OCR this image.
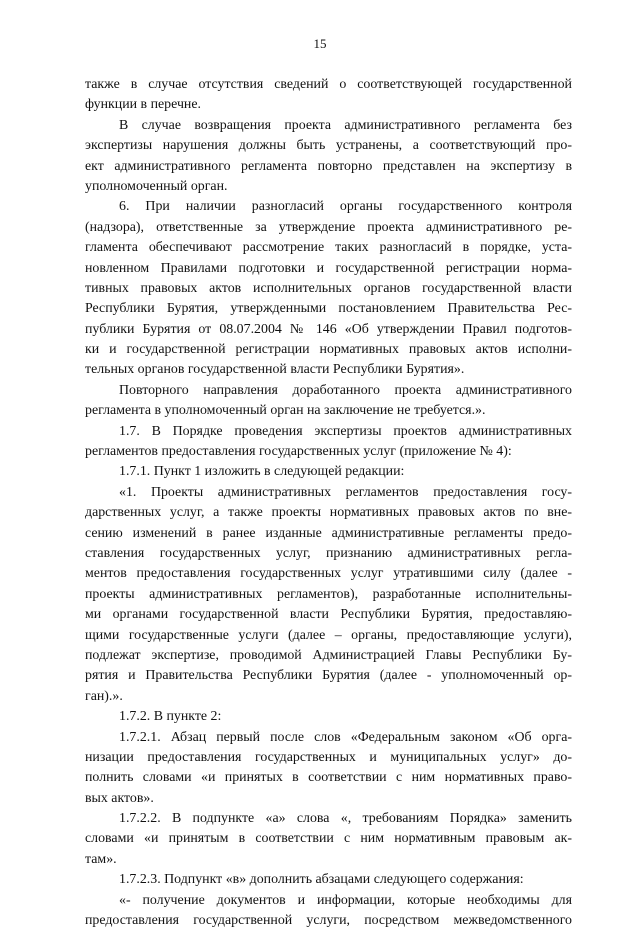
15
также в случае отсутствия сведений о соответствующей государственной
функции в перечне.
В случае возвращения проекта административного регламента без
экспертизы нарушения должны быть устранены, а соответствующий про-
ект административного регламента повторно представлен на экспертизу в
уполномоченный орган.
6. При наличии разногласий органы государственного контроля
(надзора), ответственные за утверждение проекта административного ре-
гламента обеспечивают рассмотрение таких разногласий в порядке, уста-
новленном Правилами подготовки и государственной регистрации норма-
тивных правовых актов исполнительных органов государственной власти
Республики Бурятия, утвержденными постановлением Правительства Рес-
публики Бурятия от 08.07.2004 № 146 «Об утверждении Правил подготов-
ки и государственной регистрации нормативных правовых актов исполни-
тельных органов государственной власти Республики Бурятия».
Повторного направления доработанного проекта административного
регламента в уполномоченный орган на заключение не требуется.».
1.7. В Порядке проведения экспертизы проектов административных
регламентов предоставления государственных услуг (приложение № 4):
1.7.1. Пункт 1 изложить в следующей редакции:
«1. Проекты административных регламентов предоставления госу-
дарственных услуг, а также проекты нормативных правовых актов по вне-
сению изменений в ранее изданные административные регламенты предо-
ставления государственных услуг, признанию административных регла-
ментов предоставления государственных услуг утратившими силу (далее -
проекты административных регламентов), разработанные исполнительны-
ми органами государственной власти Республики Бурятия, предоставляю-
щими государственные услуги (далее – органы, предоставляющие услуги),
подлежат экспертизе, проводимой Администрацией Главы Республики Бу-
рятия и Правительства Республики Бурятия (далее - уполномоченный ор-
ган).».
1.7.2. В пункте 2:
1.7.2.1. Абзац первый после слов «Федеральным законом «Об орга-
низации предоставления государственных и муниципальных услуг» до-
полнить словами «и принятых в соответствии с ним нормативных право-
вых актов».
1.7.2.2. В подпункте «а» слова «, требованиям Порядка» заменить
словами «и принятым в соответствии с ним нормативным правовым ак-
там».
1.7.2.3. Подпункт «в» дополнить абзацами следующего содержания:
«- получение документов и информации, которые необходимы для
предоставления государственной услуги, посредством межведомственного
